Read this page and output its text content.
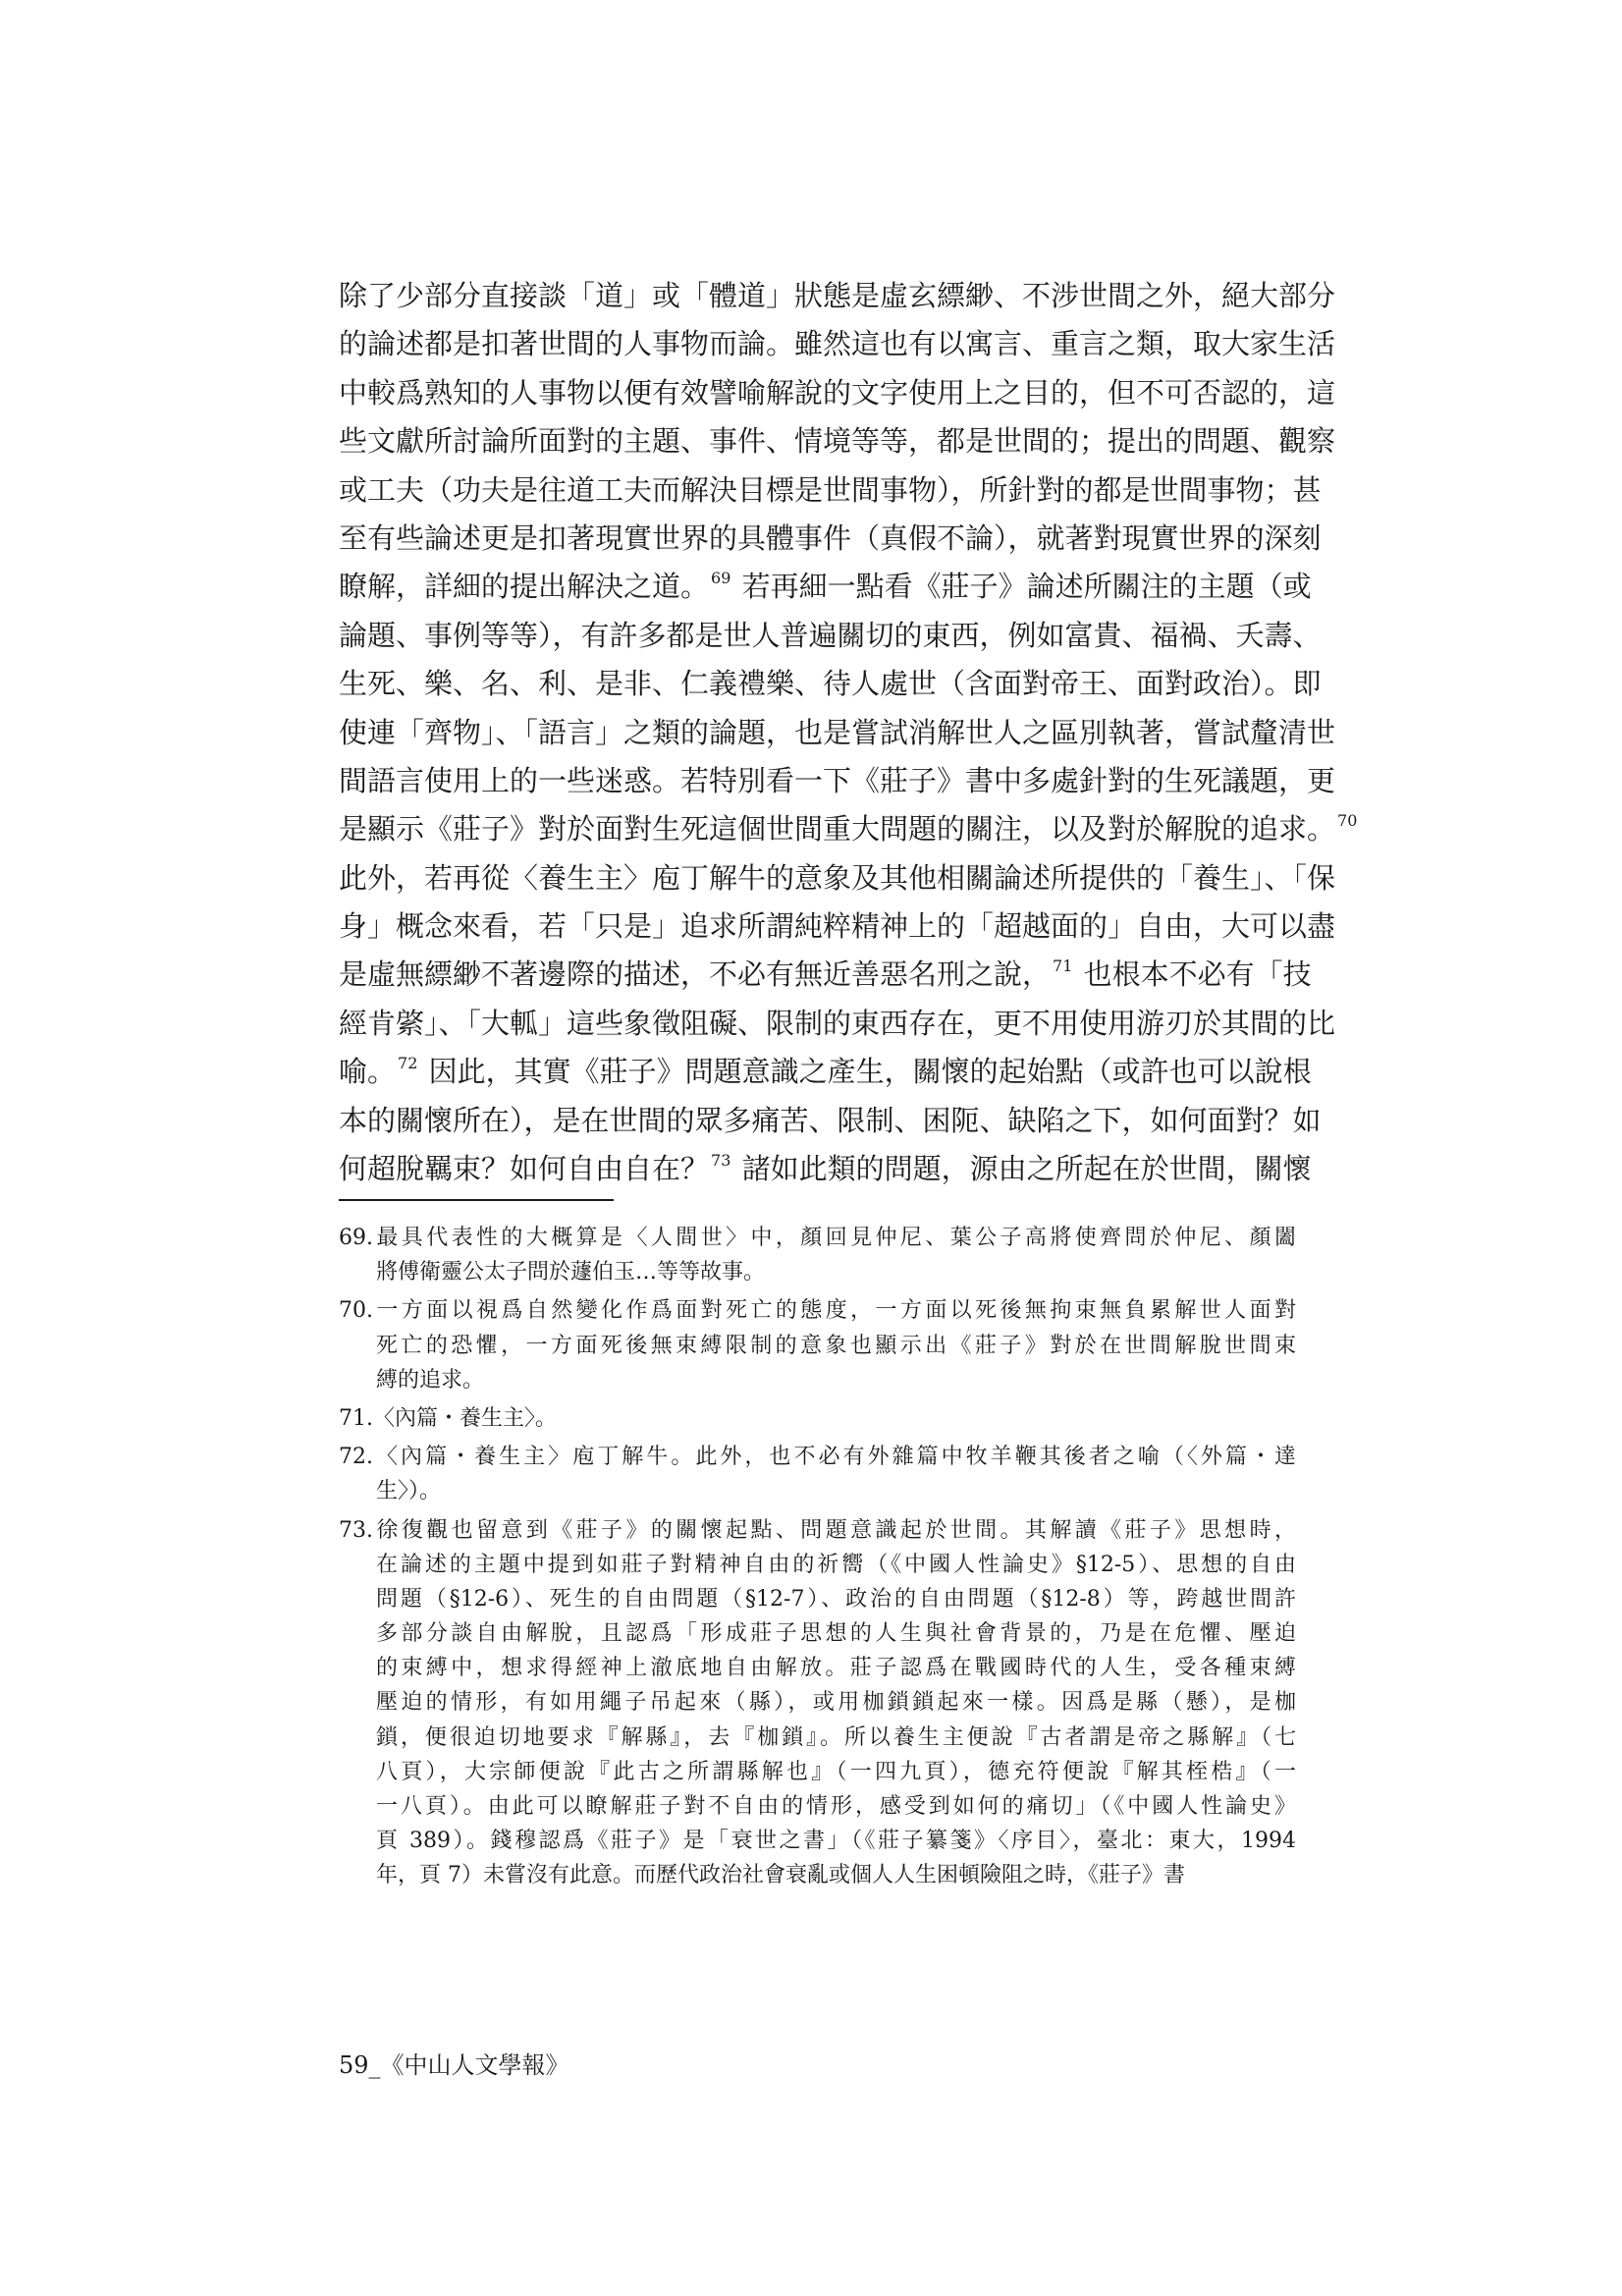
除了少部分直接談「道」或「體道」狀態是虛玄縹緲、不涉世間之外，絕大部分
的論述都是扣著世間的人事物而論。雖然這也有以寓言、重言之類，取大家生活
中較爲熟知的人事物以便有效譬喻解說的文字使用上之目的，但不可否認的，這
些文獻所討論所面對的主題、事件、情境等等，都是世間的；提出的問題、觀察
或工夫（功夫是往道工夫而解決目標是世間事物），所針對的都是世間事物；甚
至有些論述更是扣著現實世界的具體事件（真假不論），就著對現實世界的深刻
瞭解，詳細的提出解決之道。 $^{69}$ 若再細一點看《莊子》論述所關注的主題（或
論題、事例等等），有許多都是世人普遍關切的東西，例如富貴、福禍、夭壽、
生死、樂、名、利、是非、仁義禮樂、待人處世（含面對帝王、面對政治）。即
使連「齊物」、「語言」之類的論題，也是嘗試消解世人之區別執著，嘗試釐清世
間語言使用上的一些迷惑。若特別看一下《莊子》書中多處針對的生死議題，更
是顯示《莊子》對於面對生死這個世間重大問題的關注，以及對於解脫的追求。 $^{70}$
此外，若再從〈養生主〉庖丁解牛的意象及其他相關論述所提供的「養生」、「保
身」概念來看，若「只是」追求所謂純粹精神上的「超越面的」自由，大可以盡
是虛無縹緲不著邊際的描述，不必有無近善惡名刑之說， $^{71}$ 也根本不必有「技
經肯綮」、「大軱」這些象徵阻礙、限制的東西存在，更不用使用游刃於其間的比
喻。 $^{72}$ 因此，其實《莊子》問題意識之產生，關懷的起始點（或許也可以說根
本的關懷所在），是在世間的眾多痛苦、限制、困阨、缺陷之下，如何面對？如
何超脫羈束？如何自由自在？ $^{73}$ 諸如此類的問題，源由之所起在於世間，關懷
69.最具代表性的大概算是〈人間世〉中，顏回見仲尼、葉公子高將使齊問於仲尼、顏闔
將傅衛靈公太子問於蘧伯玉…等等故事。
70.一方面以視爲自然變化作爲面對死亡的態度，一方面以死後無拘束無負累解世人面對
死亡的恐懼，一方面死後無束縛限制的意象也顯示出《莊子》對於在世間解脫世間束
縛的追求。
71.〈內篇・養生主〉。
72.〈內篇・養生主〉庖丁解牛。此外，也不必有外雜篇中牧羊鞭其後者之喻（〈外篇・達
生〉）。
73.徐復觀也留意到《莊子》的關懷起點、問題意識起於世間。其解讀《莊子》思想時，
在論述的主題中提到如莊子對精神自由的祈嚮（《中國人性論史》§12-5）、思想的自由
問題（§12-6）、死生的自由問題（§12-7）、政治的自由問題（§12-8）等，跨越世間許
多部分談自由解脫，且認爲「形成莊子思想的人生與社會背景的，乃是在危懼、壓迫
的束縛中，想求得經神上澈底地自由解放。莊子認爲在戰國時代的人生，受各種束縛
壓迫的情形，有如用繩子吊起來（縣），或用枷鎖鎖起來一樣。因爲是縣（懸），是枷
鎖，便很迫切地要求『解縣』，去『枷鎖』。所以養生主便說『古者謂是帝之縣解』（七
八頁），大宗師便說『此古之所謂縣解也』（一四九頁），德充符便說『解其桎梏』（一
一八頁）。由此可以瞭解莊子對不自由的情形，感受到如何的痛切」（《中國人性論史》
頁 389）。錢穆認爲《莊子》是「衰世之書」（《莊子纂箋》〈序目〉，臺北：東大，1994
年，頁 7）未嘗沒有此意。而歷代政治社會衰亂或個人人生困頓險阻之時，《莊子》書
59_《中山人文學報》
